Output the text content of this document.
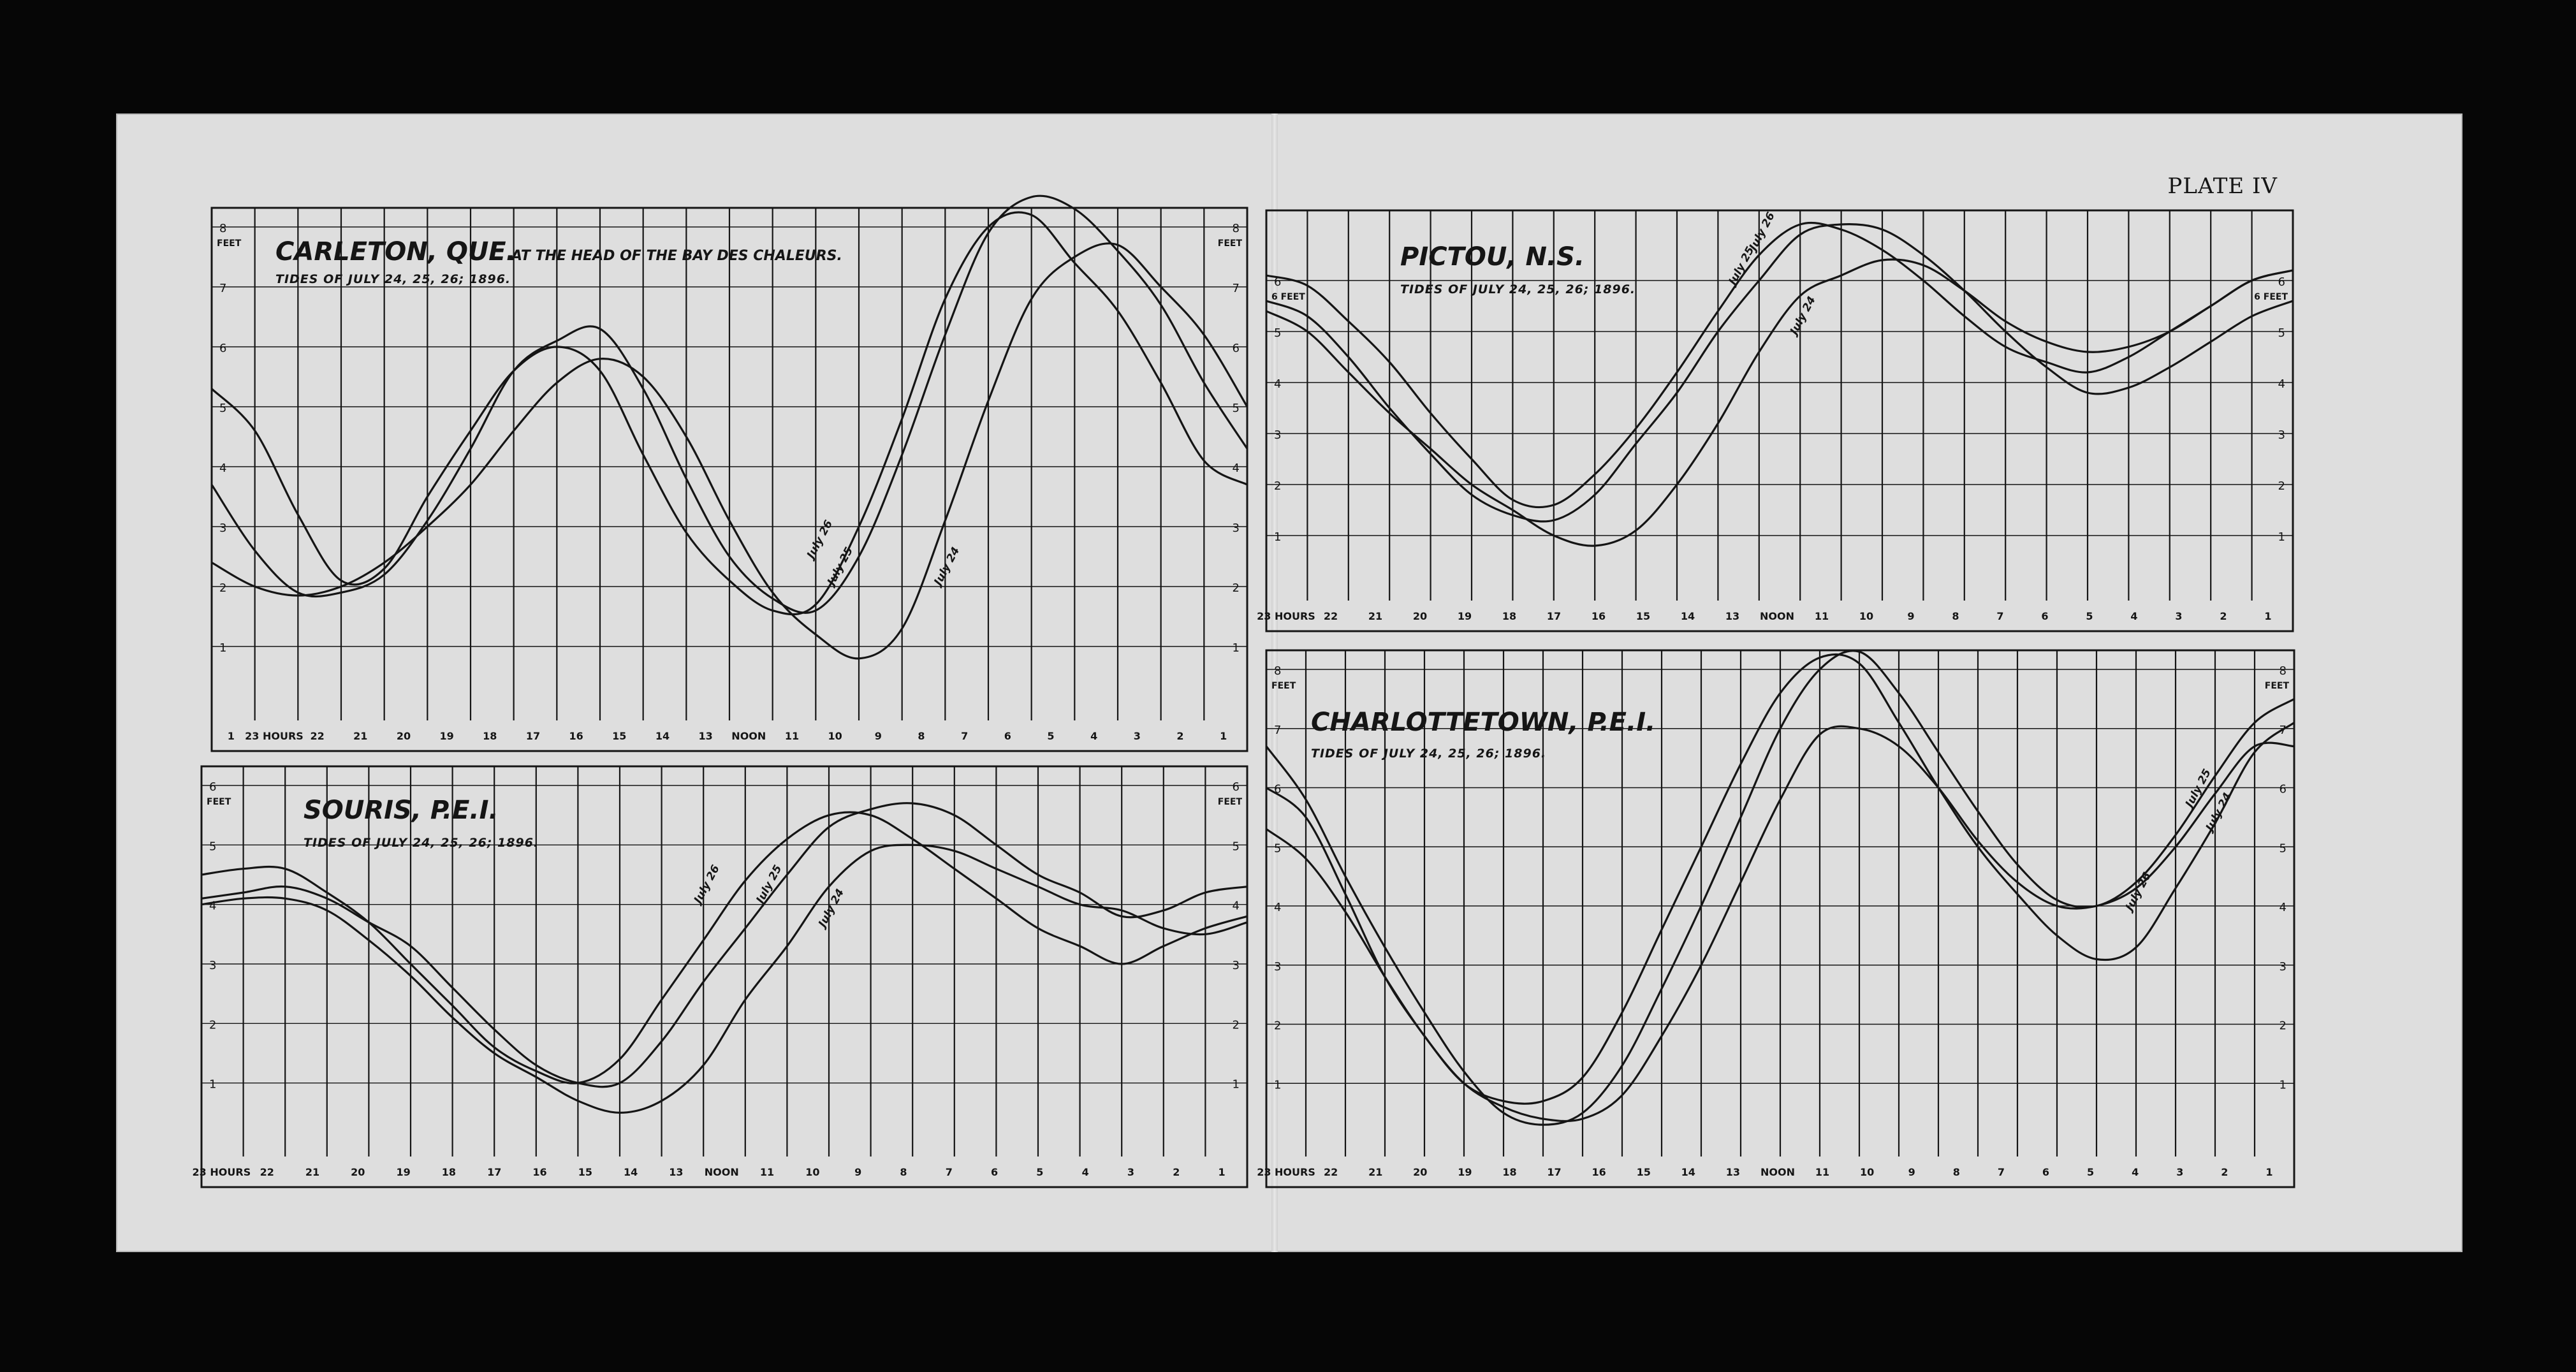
PLATE IV
1	1
2	2
3	3
4	4
5	5
6	6
7	7
8	8
FEET	FEET
1 23 HOURS 22	21	20	19	18	17	16	15	14	13 NOON 11	10	9	8	7	6	5	4	3	2	1
CARLETON, QUE.
AT THE HEAD OF THE BAY DES CHALEURS.
TIDES OF JULY 24, 25, 26; 1896.
July 26
July 25	July 24
1	1
2	2
3	3
4	4
5	5
6	6
6 FEET	6 FEET
23 HOURS 22	21	20	19	18	17	16	15	14	13 NOON 11	10	9	8	7	6	5	4	3	2	1
PICTOU, N.S.
TIDES OF JULY 24, 25, 26; 1896.
July 26
July 25
July 24
1	1
2	2
3	3
4	4
5	5
6	6
FEET	FEET
23 HOURS 22	21	20	19	18	17	16	15	14	13 NOON 11	10	9	8	7	6	5	4	3	2	1
SOURIS, P.E.I.
TIDES OF JULY 24, 25, 26; 1896.
July 26	July 25
July 24
1	1
2	2
3	3
4	4
5	5
6	6
7	7
8	8
FEET	FEET
23 HOURS 22	21	20	19	18	17	16	15	14	13 NOON 11	10	9	8	7	6	5	4	3	2	1
CHARLOTTETOWN, P.E.I.
TIDES OF JULY 24, 25, 26; 1896.
July 26
July 25
July 24
